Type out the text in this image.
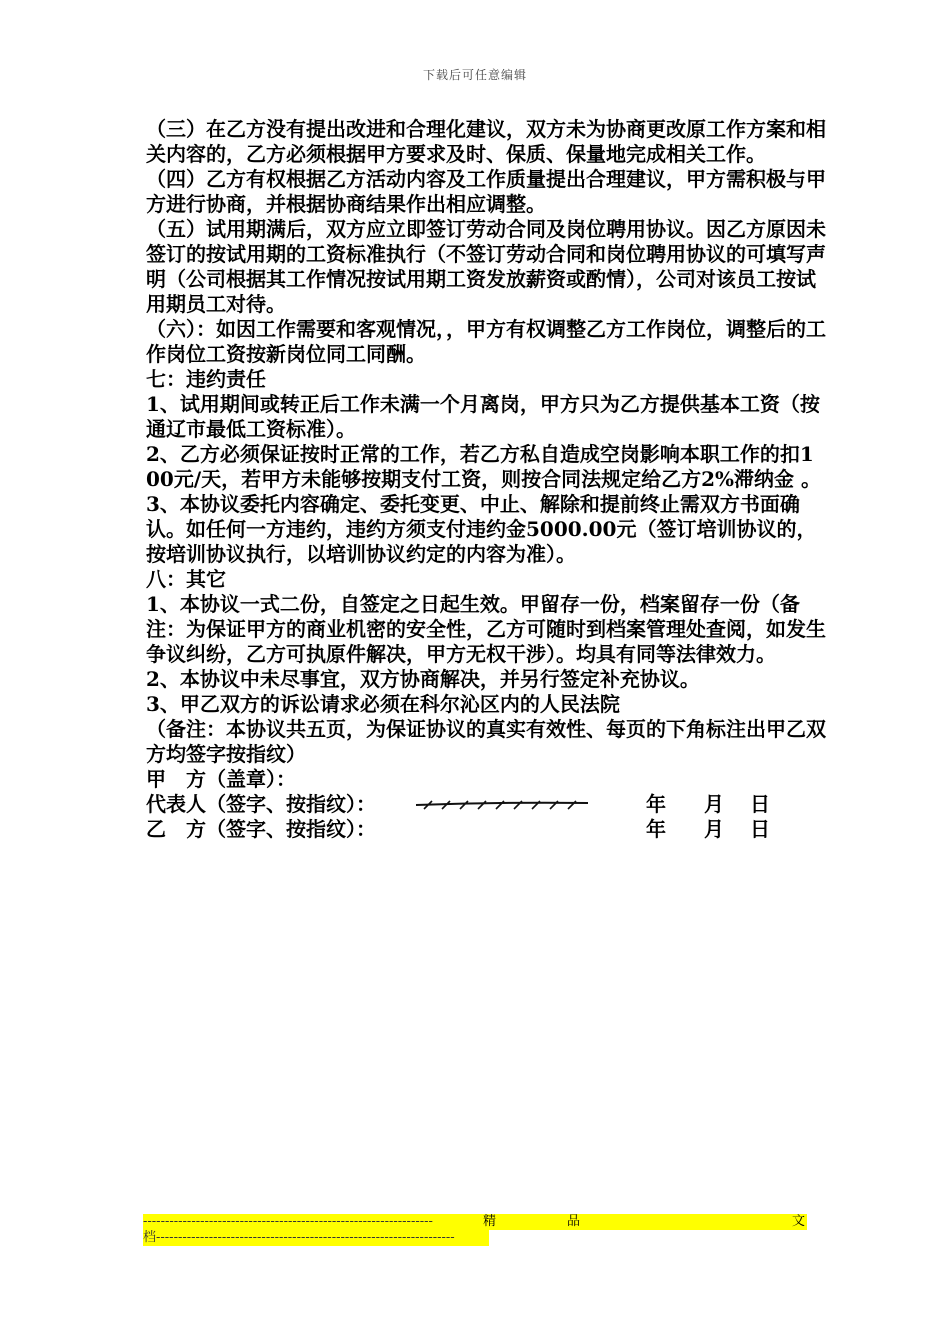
下载后可任意编辑

（三）在乙方没有提出改进和合理化建议，双方未为协商更改原工作方案和相关内容的，乙方必须根据甲方要求及时、保质、保量地完成相关工作。

（四）乙方有权根据乙方活动内容及工作质量提出合理建议，甲方需积极与甲方进行协商，并根据协商结果作出相应调整。

（五）试用期满后，双方应立即签订劳动合同及岗位聘用协议。因乙方原因未签订的按试用期的工资标准执行（不签订劳动合同和岗位聘用协议的可填写声明（公司根据其工作情况按试用期工资发放薪资或酌情），公司对该员工按试用期员工对待。

（六）：如因工作需要和客观情况，，甲方有权调整乙方工作岗位，调整后的工作岗位工资按新岗位同工同酬。

七：违约责任

1、试用期间或转正后工作未满一个月离岗，甲方只为乙方提供基本工资（按通辽市最低工资标准）。

2、乙方必须保证按时正常的工作，若乙方私自造成空岗影响本职工作的扣100元/天，若甲方未能够按期支付工资，则按合同法规定给乙方2%滞纳金 。

3、本协议委托内容确定、委托变更、中止、解除和提前终止需双方书面确认。如任何一方违约，违约方须支付违约金5000.00元（签订培训协议的，按培训协议执行，以培训协议约定的内容为准）。

八：其它

1、本协议一式二份，自签定之日起生效。甲留存一份，档案留存一份（备注：为保证甲方的商业机密的安全性，乙方可随时到档案管理处查阅，如发生争议纠纷，乙方可执原件解决，甲方无权干涉）。均具有同等法律效力。

2、本协议中未尽事宜，双方协商解决，并另行签定补充协议。

3、甲乙双方的诉讼请求必须在科尔沁区内的人民法院

（备注：本协议共五页，为保证协议的真实有效性、每页的下角标注出甲乙双方均签字按指纹）

甲　方（盖章）：
代表人（签字、按指纹）：	年 月 日
乙　方（签字、按指纹）：	年 月 日
------------------------------------------------------------------	精	品	文
档--------------------------------------------------------------------
